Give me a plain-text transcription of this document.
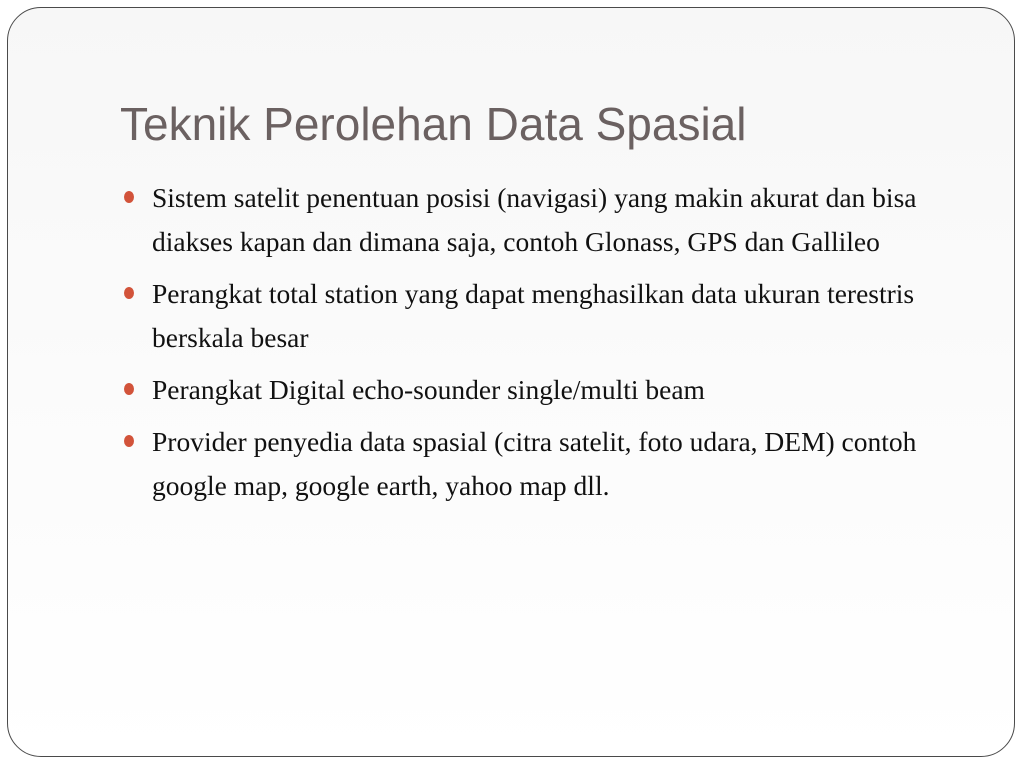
Teknik Perolehan Data Spasial
Sistem satelit penentuan posisi (navigasi) yang makin akurat dan bisa diakses kapan dan dimana saja, contoh Glonass, GPS dan Gallileo
Perangkat total station yang dapat menghasilkan data ukuran terestris berskala besar
Perangkat Digital echo-sounder single/multi beam
Provider penyedia data spasial (citra satelit, foto udara, DEM) contoh google map, google earth, yahoo map dll.
